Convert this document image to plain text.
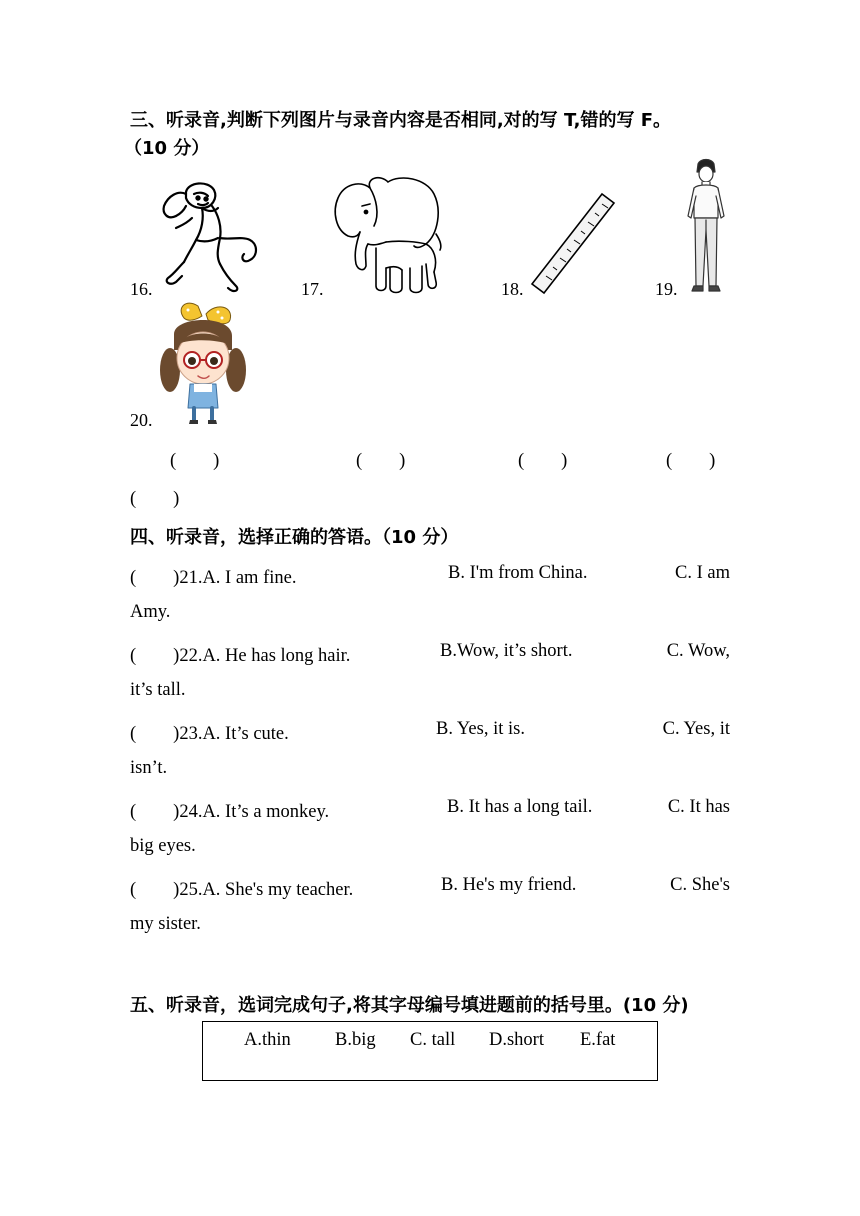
三、听录音,判断下列图片与录音内容是否相同,对的写 T,错的写 F。
（10 分）
16.	17.	18.	19.
20.
(　　)	(　　)	(　　)	(　　)
(　　)
四、听录音，选择正确的答语。（10 分）
(　　)21.A. I am fine.	B. I'm from China.	C. I am
Amy.
(　　)22.A. He has long hair.	B.Wow, it’s short.	C. Wow,
it’s tall.
(　　)23.A. It’s cute.	B. Yes, it is.	C. Yes, it
isn’t.
(　　)24.A. It’s a monkey.	B. It has a long tail.	C. It has
big eyes.
(　　)25.A. She's my teacher.	B. He's my friend.	C. She's
my sister.
五、听录音，选词完成句子,将其字母编号填进题前的括号里。(10 分)
A.thin B.big C. tall D.short E.fat
